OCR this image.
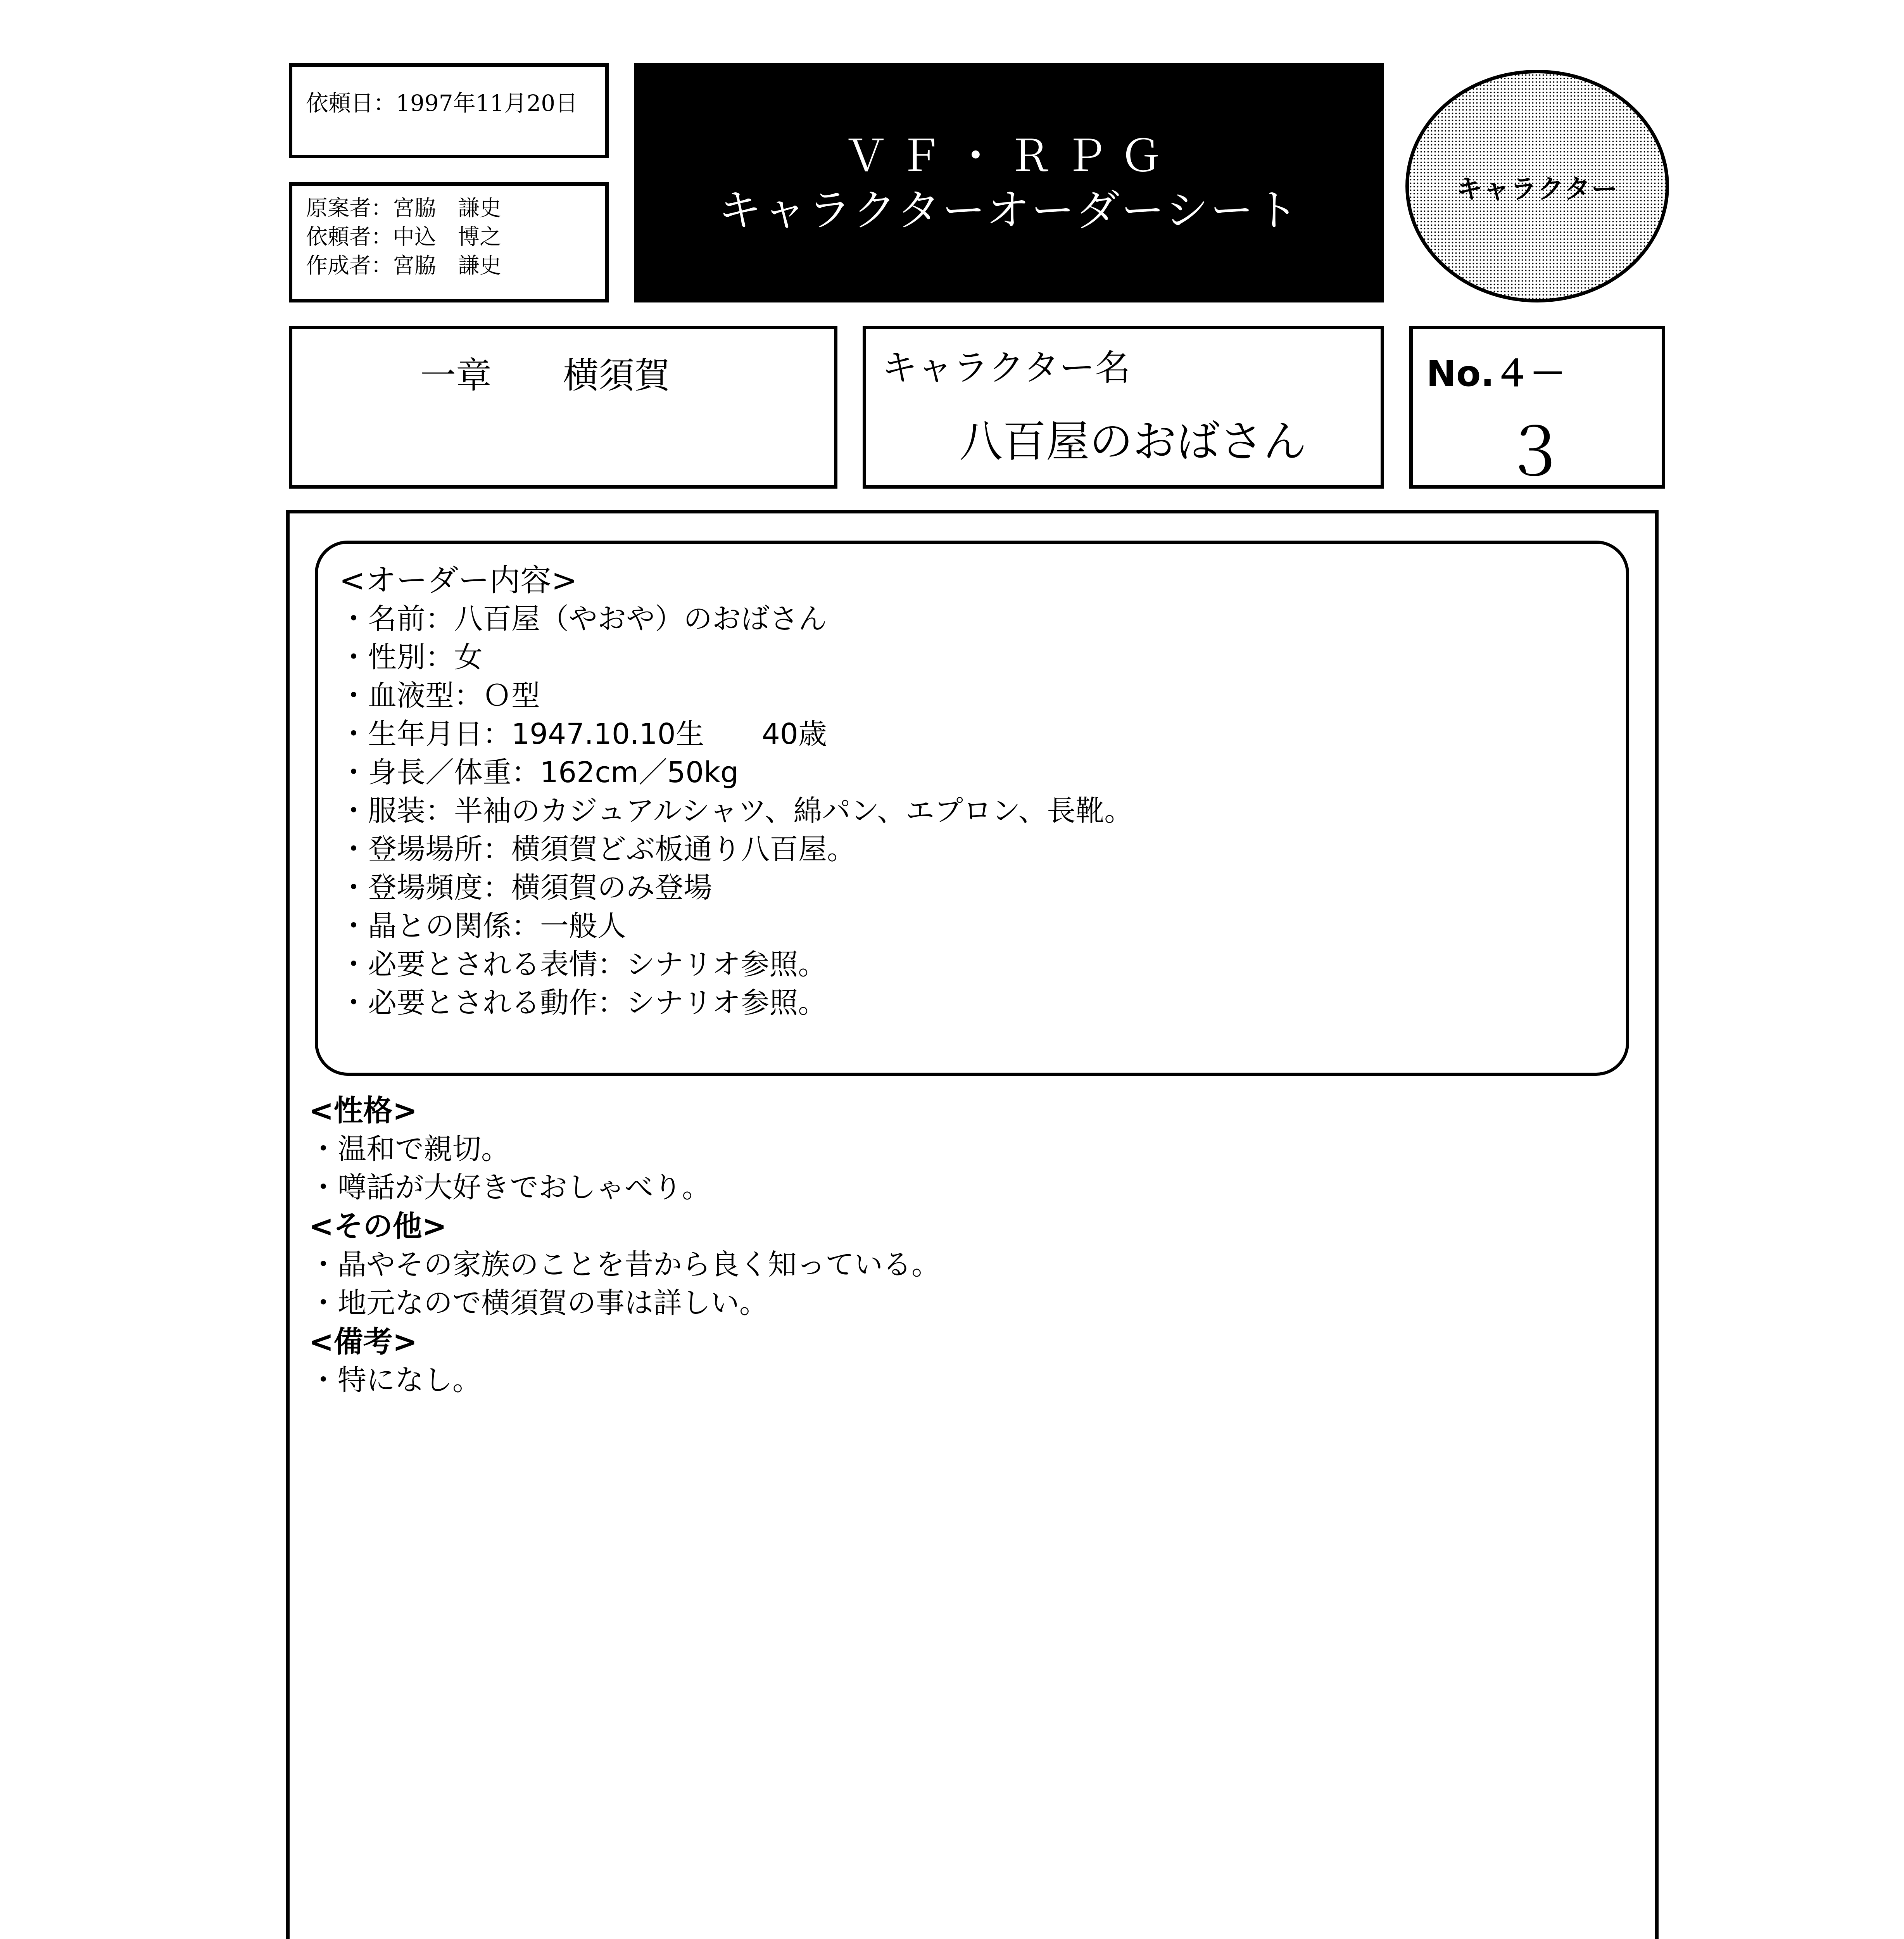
依頼日：1997年11月20日
原案者：宮脇　謙史
依頼者：中込　博之
作成者：宮脇　謙史
ＶＦ・ＲＰＧ
キャラクターオーダーシート	キャラクター
一章　　横須賀	キャラクター名
八百屋のおばさん
No.４－
３
<オーダー内容>
・名前：八百屋（やおや）のおばさん
・性別：女
・血液型：Ｏ型
・生年月日：1947.10.10生　　40歳
・身長／体重：162cm／50kg
・服装：半袖のカジュアルシャツ、綿パン、エプロン、長靴。
・登場場所：横須賀どぶ板通り八百屋。
・登場頻度：横須賀のみ登場
・晶との関係：一般人
・必要とされる表情：シナリオ参照。
・必要とされる動作：シナリオ参照。
<性格>
・温和で親切。
・噂話が大好きでおしゃべり。
<その他>
・晶やその家族のことを昔から良く知っている。
・地元なので横須賀の事は詳しい。
<備考>
・特になし。
